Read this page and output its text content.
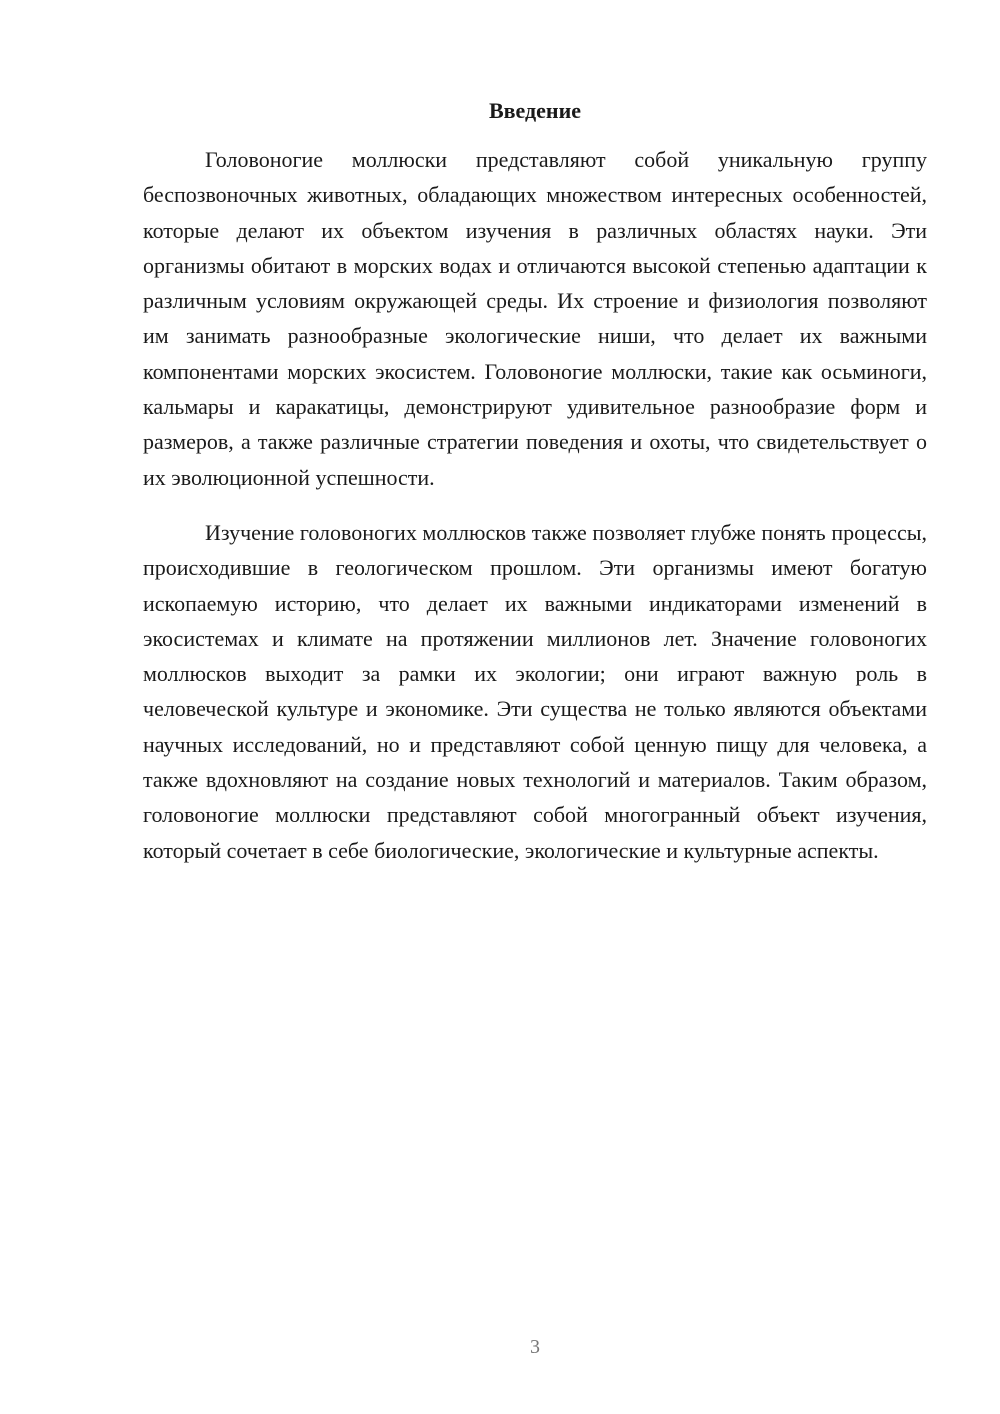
Введение

Головоногие моллюски представляют собой уникальную группу беспозвоночных животных, обладающих множеством интересных особенностей, которые делают их объектом изучения в различных областях науки. Эти организмы обитают в морских водах и отличаются высокой степенью адаптации к различным условиям окружающей среды. Их строение и физиология позволяют им занимать разнообразные экологические ниши, что делает их важными компонентами морских экосистем. Головоногие моллюски, такие как осьминоги, кальмары и каракатицы, демонстрируют удивительное разнообразие форм и размеров, а также различные стратегии поведения и охоты, что свидетельствует о их эволюционной успешности.

Изучение головоногих моллюсков также позволяет глубже понять процессы, происходившие в геологическом прошлом. Эти организмы имеют богатую ископаемую историю, что делает их важными индикаторами изменений в экосистемах и климате на протяжении миллионов лет. Значение головоногих моллюсков выходит за рамки их экологии; они играют важную роль в человеческой культуре и экономике. Эти существа не только являются объектами научных исследований, но и представляют собой ценную пищу для человека, а также вдохновляют на создание новых технологий и материалов. Таким образом, головоногие моллюски представляют собой многогранный объект изучения, который сочетает в себе биологические, экологические и культурные аспекты.

3
